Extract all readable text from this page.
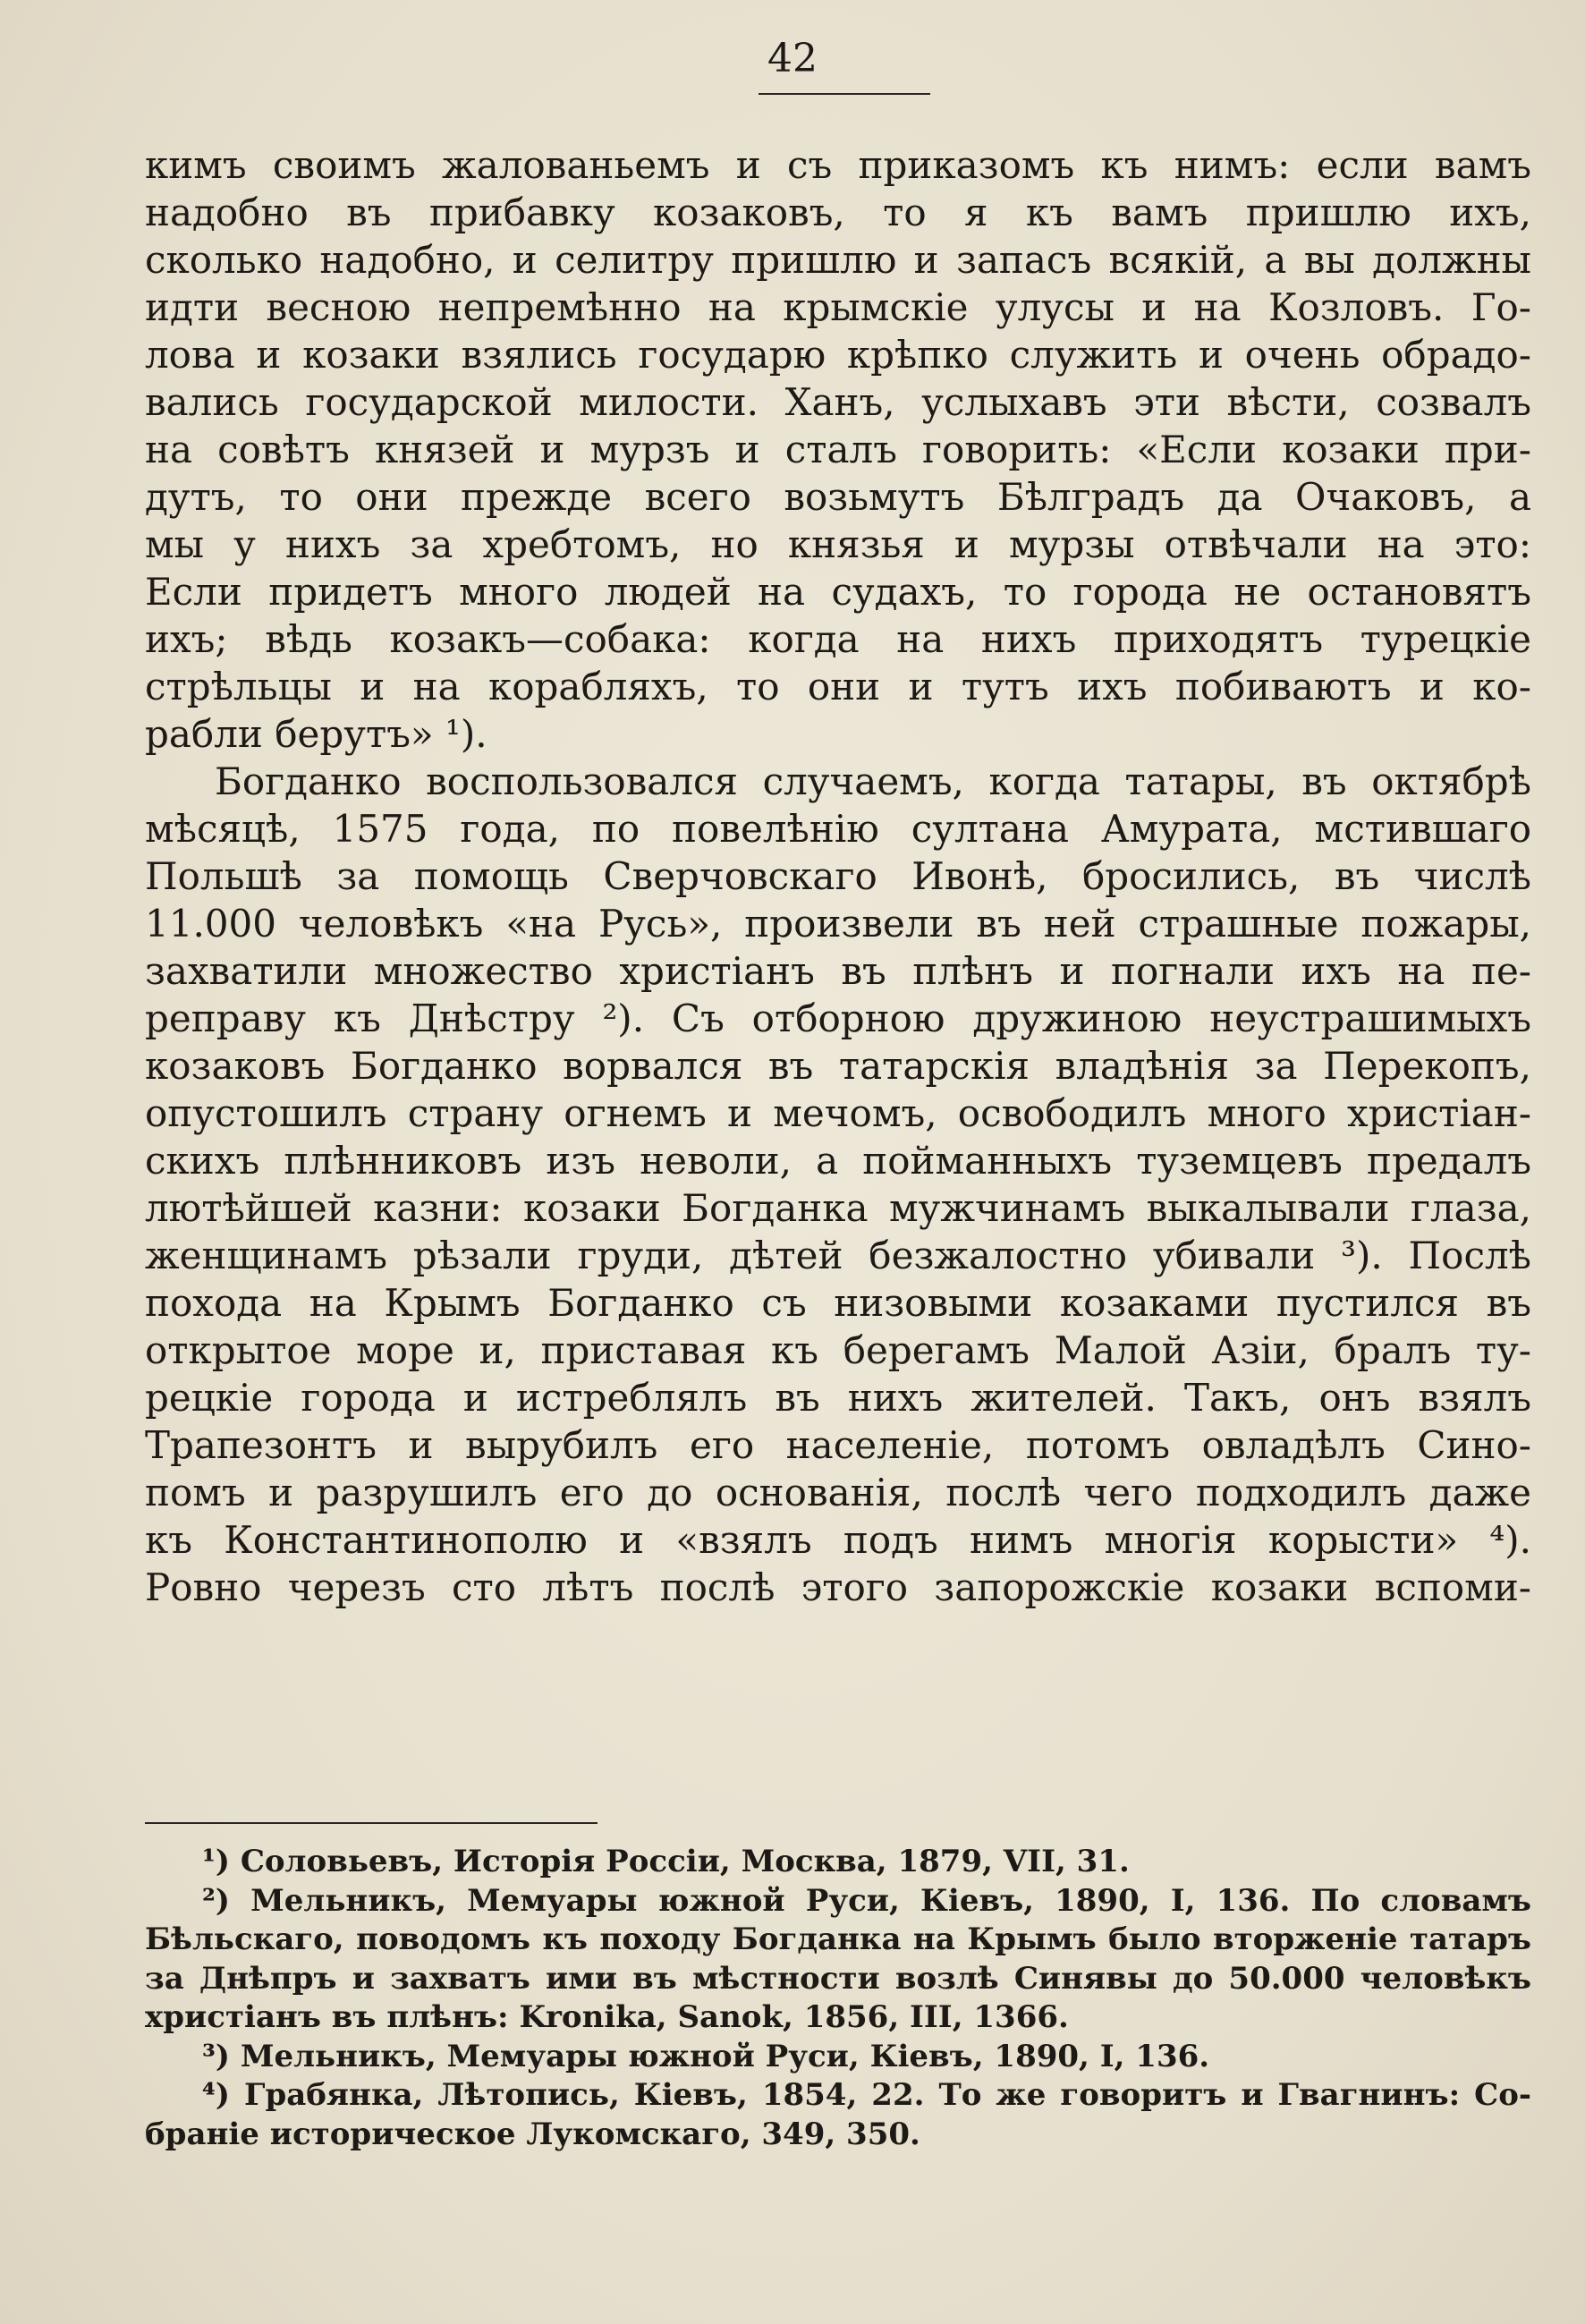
42
кимъ своимъ жалованьемъ и съ приказомъ къ нимъ: если вамъ
надобно въ прибавку козаковъ, то я къ вамъ пришлю ихъ,
сколько надобно, и селитру пришлю и запасъ всякій, а вы должны
идти весною непремѣнно на крымскіе улусы и на Козловъ. Го-
лова и козаки взялись государю крѣпко служить и очень обрадо-
вались государской милости. Ханъ, услыхавъ эти вѣсти, созвалъ
на совѣтъ князей и мурзъ и сталъ говорить: «Если козаки при-
дутъ, то они прежде всего возьмутъ Бѣлградъ да Очаковъ, а
мы у нихъ за хребтомъ, но князья и мурзы отвѣчали на это:
Если придетъ много людей на судахъ, то города не остановятъ
ихъ; вѣдь козакъ—собака: когда на нихъ приходятъ турецкіе
стрѣльцы и на корабляхъ, то они и тутъ ихъ побиваютъ и ко-
рабли берутъ» ¹).
Богданко воспользовался случаемъ, когда татары, въ октябрѣ
мѣсяцѣ, 1575 года, по повелѣнію султана Амурата, мстившаго
Польшѣ за помощь Сверчовскаго Ивонѣ, бросились, въ числѣ
11.000 человѣкъ «на Русь», произвели въ ней страшные пожары,
захватили множество христіанъ въ плѣнъ и погнали ихъ на пе-
реправу къ Днѣстру ²). Съ отборною дружиною неустрашимыхъ
козаковъ Богданко ворвался въ татарскія владѣнія за Перекопъ,
опустошилъ страну огнемъ и мечомъ, освободилъ много христіан-
скихъ плѣнниковъ изъ неволи, а пойманныхъ туземцевъ предалъ
лютѣйшей казни: козаки Богданка мужчинамъ выкалывали глаза,
женщинамъ рѣзали груди, дѣтей безжалостно убивали ³). Послѣ
похода на Крымъ Богданко съ низовыми козаками пустился въ
открытое море и, приставая къ берегамъ Малой Азіи, бралъ ту-
рецкіе города и истреблялъ въ нихъ жителей. Такъ, онъ взялъ
Трапезонтъ и вырубилъ его населеніе, потомъ овладѣлъ Сино-
помъ и разрушилъ его до основанія, послѣ чего подходилъ даже
къ Константинополю и «взялъ подъ нимъ многія корысти» ⁴).
Ровно черезъ сто лѣтъ послѣ этого запорожскіе козаки вспоми-
¹) Соловьевъ, Исторія Россіи, Москва, 1879, VII, 31.
²) Мельникъ, Мемуары южной Руси, Кіевъ, 1890, I, 136. По словамъ
Бѣльскаго, поводомъ къ походу Богданка на Крымъ было вторженіе татаръ
за Днѣпръ и захватъ ими въ мѣстности возлѣ Синявы до 50.000 человѣкъ
христіанъ въ плѣнъ: Kronika, Sanok, 1856, III, 1366.
³) Мельникъ, Мемуары южной Руси, Кіевъ, 1890, I, 136.
⁴) Грабянка, Лѣтопись, Кіевъ, 1854, 22. То же говоритъ и Гвагнинъ: Со-
браніе историческое Лукомскаго, 349, 350.
